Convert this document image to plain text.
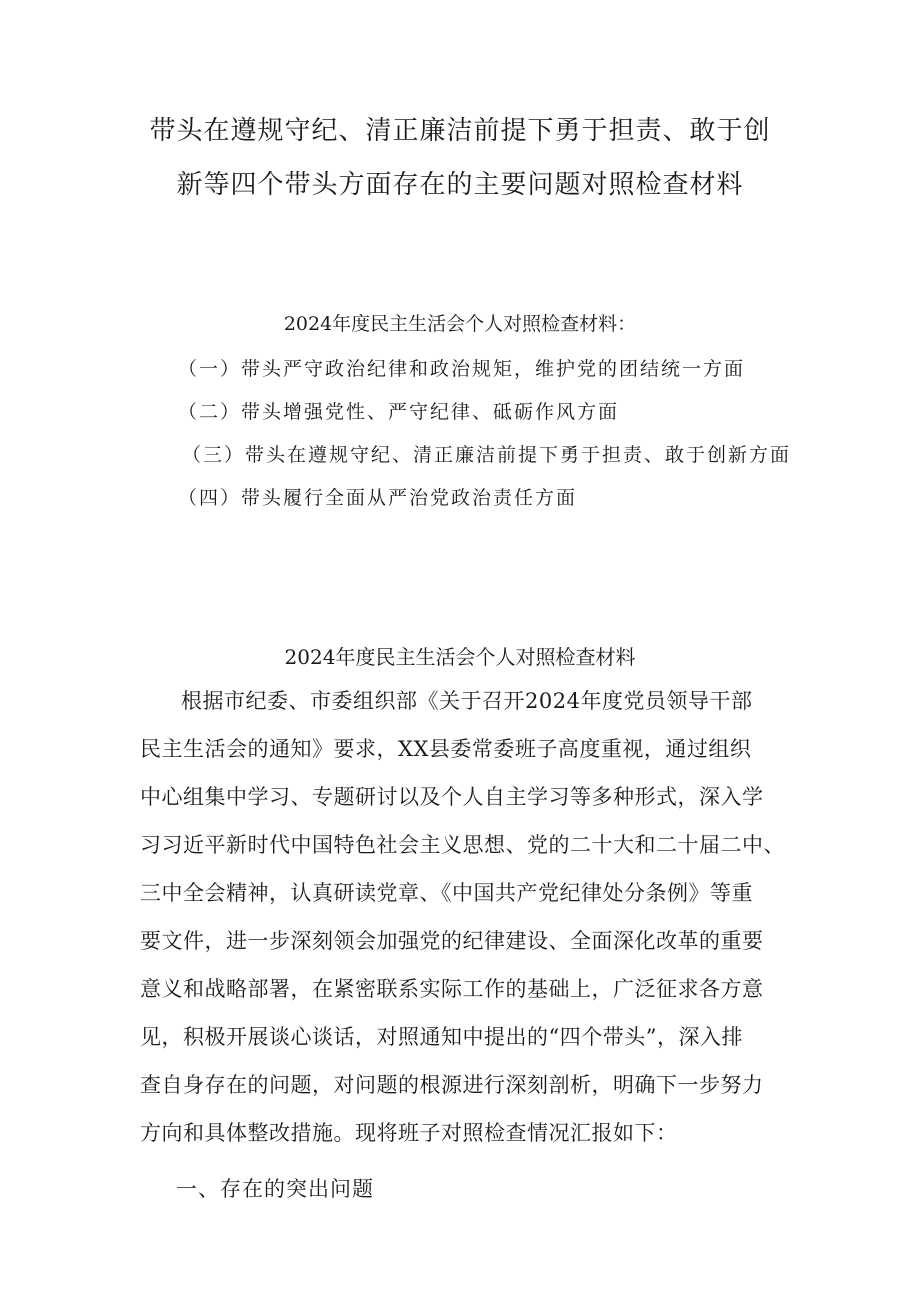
带头在遵规守纪、清正廉洁前提下勇于担责、敢于创
新等四个带头方面存在的主要问题对照检查材料
2024年度民主生活会个人对照检查材料：
（一）带头严守政治纪律和政治规矩，维护党的团结统一方面
（二）带头增强党性、严守纪律、砥砺作风方面
（三）带头在遵规守纪、清正廉洁前提下勇于担责、敢于创新方面
（四）带头履行全面从严治党政治责任方面
2024年度民主生活会个人对照检查材料
根据市纪委、市委组织部《关于召开2024年度党员领导干部
民主生活会的通知》要求，XX县委常委班子高度重视，通过组织
中心组集中学习、专题研讨以及个人自主学习等多种形式，深入学
习习近平新时代中国特色社会主义思想、党的二十大和二十届二中、
三中全会精神，认真研读党章、《中国共产党纪律处分条例》等重
要文件，进一步深刻领会加强党的纪律建设、全面深化改革的重要
意义和战略部署，在紧密联系实际工作的基础上，广泛征求各方意
见，积极开展谈心谈话，对照通知中提出的“四个带头”，深入排
查自身存在的问题，对问题的根源进行深刻剖析，明确下一步努力
方向和具体整改措施。现将班子对照检查情况汇报如下：
一、存在的突出问题
